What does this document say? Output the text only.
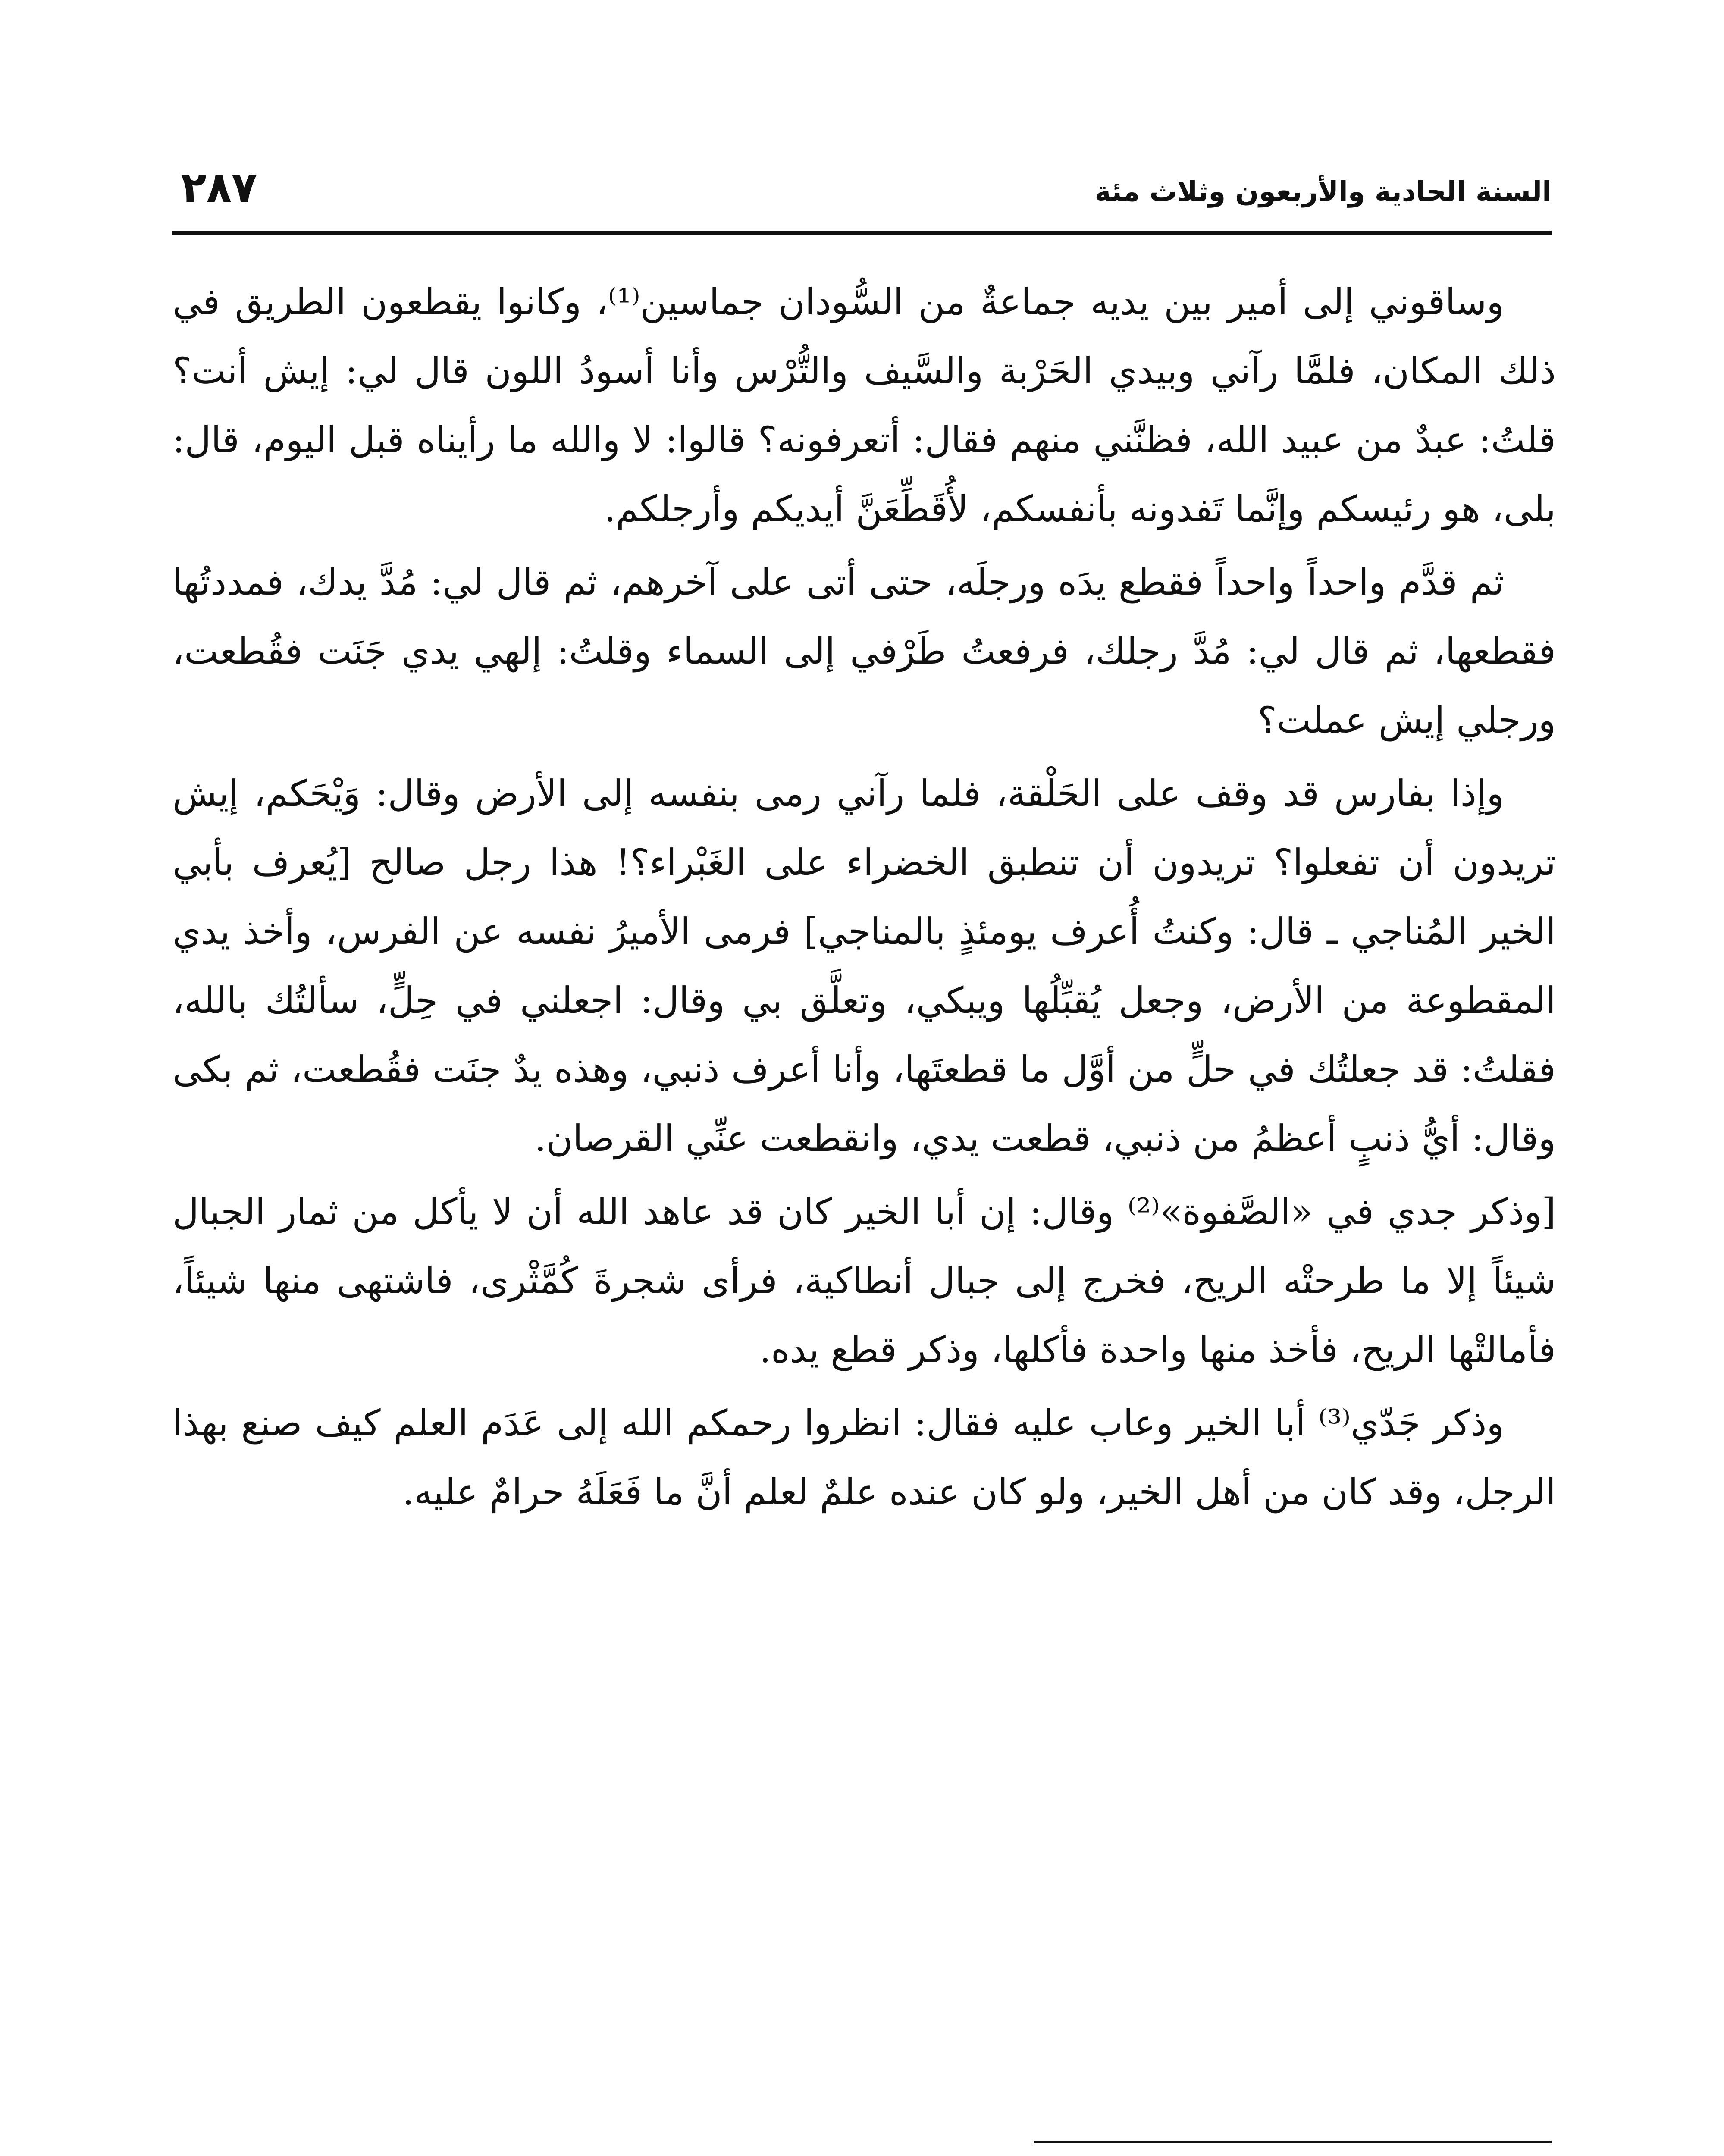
السنة الحادية والأربعون وثلاث مئة
٢٨٧

وساقوني إلى أمير بين يديه جماعةٌ من السُّودان جماسين⁽¹⁾، وكانوا يقطعون الطريق في ذلك المكان، فلمَّا رآني وبيدي الحَرْبة والسَّيف والتُّرْس وأنا أسودُ اللون قال لي: إيش أنت؟ قلتُ: عبدٌ من عبيد الله، فظنَّني منهم فقال: أتعرفونه؟ قالوا: لا والله ما رأيناه قبل اليوم، قال: بلى، هو رئيسكم وإنَّما تَفدونه بأنفسكم، لأُقَطِّعَنَّ أيديكم وأرجلكم.

ثم قدَّم واحداً واحداً فقطع يدَه ورجلَه، حتى أتى على آخرهم، ثم قال لي: مُدَّ يدك، فمددتُها فقطعها، ثم قال لي: مُدَّ رجلك، فرفعتُ طَرْفي إلى السماء وقلتُ: إلهي يدي جَنَت فقُطعت، ورجلي إيش عملت؟

وإذا بفارس قد وقف على الحَلْقة، فلما رآني رمى بنفسه إلى الأرض وقال: وَيْحَكم، إيش تريدون أن تفعلوا؟ تريدون أن تنطبق الخضراء على الغَبْراء؟! هذا رجل صالح [يُعرف بأبي الخير المُناجي ـ قال: وكنتُ أُعرف يومئذٍ بالمناجي] فرمى الأميرُ نفسه عن الفرس، وأخذ يدي المقطوعة من الأرض، وجعل يُقبِّلُها ويبكي، وتعلَّق بي وقال: اجعلني في حِلٍّ، سألتُك بالله، فقلتُ: قد جعلتُك في حلٍّ من أوَّل ما قطعتَها، وأنا أعرف ذنبي، وهذه يدٌ جنَت فقُطعت، ثم بكى وقال: أيُّ ذنبٍ أعظمُ من ذنبي، قطعت يدي، وانقطعت عنِّي القرصان.

[وذكر جدي في «الصَّفوة»⁽²⁾ وقال: إن أبا الخير كان قد عاهد الله أن لا يأكل من ثمار الجبال شيئاً إلا ما طرحتْه الريح، فخرج إلى جبال أنطاكية، فرأى شجرةَ كُمَّثْرى، فاشتهى منها شيئاً، فأمالتْها الريح، فأخذ منها واحدة فأكلها، وذكر قطع يده.

وذكر جَدّي⁽³⁾ أبا الخير وعاب عليه فقال: انظروا رحمكم الله إلى عَدَم العلم كيف صنع بهذا الرجل، وقد كان من أهل الخير، ولو كان عنده علمٌ لعلم أنَّ ما فَعَلَهُ حرامٌ عليه.
